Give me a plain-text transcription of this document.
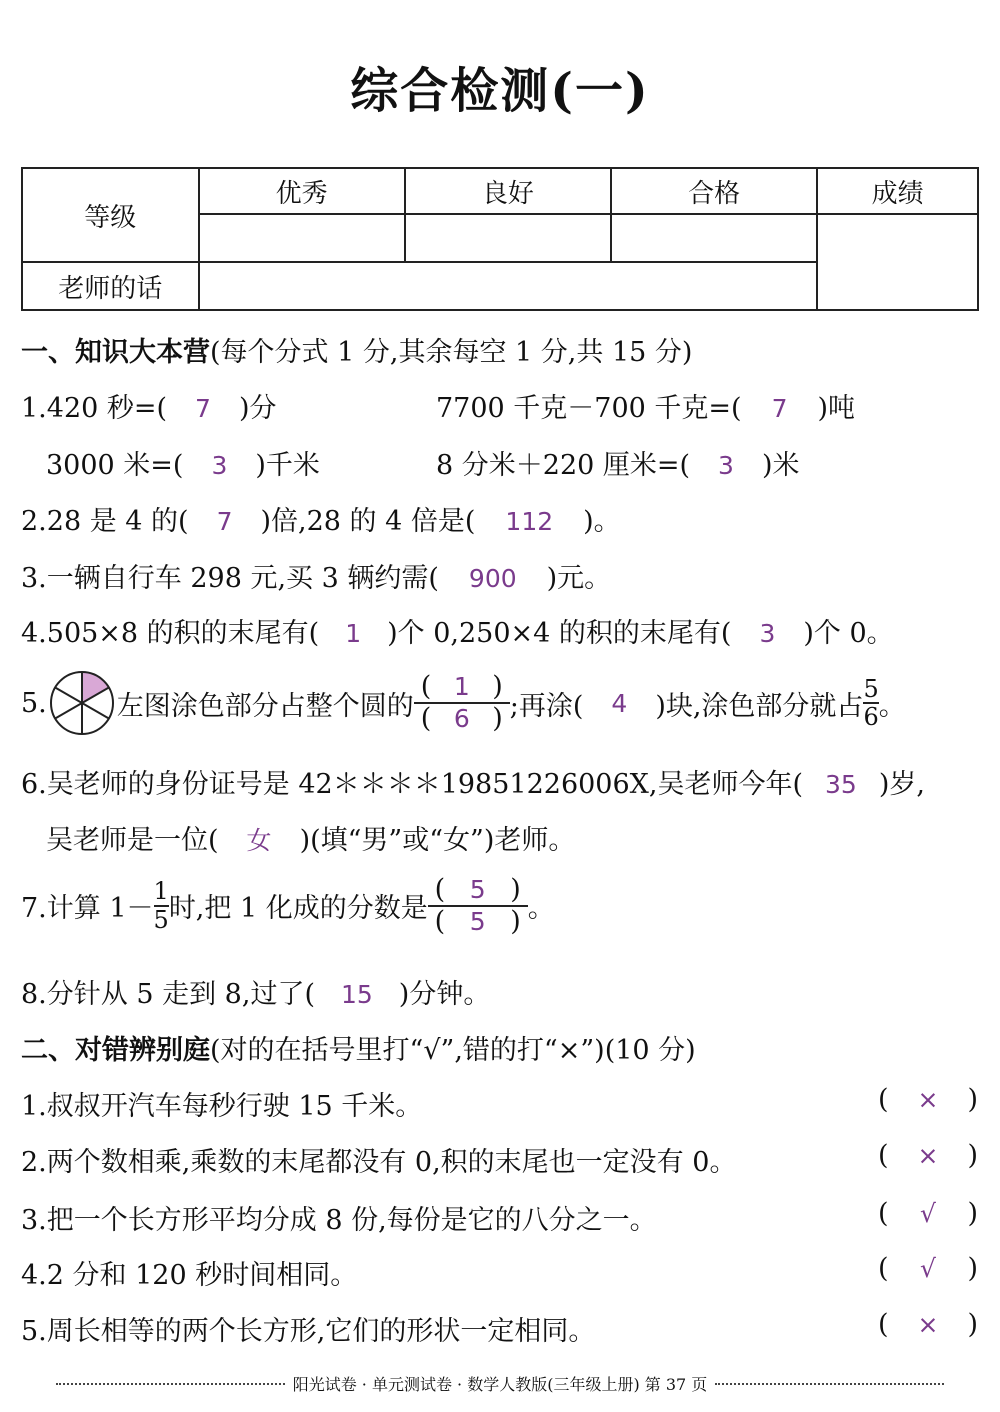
综合检测(一)
等级	优秀	良好	合格	成绩

老师的话				
一、知识大本营(每个分式 1 分,其余每空 1 分,共 15 分)
1.420 秒=( 7 )分	7700 千克－700 千克=( 7 )吨
3000 米=( 3 )千米	8 分米＋220 厘米=( 3 )米
2.28 是 4 的( 7 )倍,28 的 4 倍是( 112 )。
3.一辆自行车 298 元,买 3 辆约需( 900 )元。
4.505×8 的积的末尾有( 1 )个 0,250×4 的积的末尾有( 3 )个 0。
5.	左图涂色部分占整个圆的 $\frac{( 1 )}{( 6 )}$ ;再涂(	4	)块,涂色部分就占 $\frac{5}{6}$ 。
6.吴老师的身份证号是 42＊＊＊＊19851226006X,吴老师今年( 35 )岁,
吴老师是一位( 女 )(填“男”或“女”)老师。
7.计算 $1- \frac{1}{5}$ 时,把 1 化成的分数是 $\frac{( 5 )}{( 5 )}$ 。
8.分针从 5 走到 8,过了( 15 )分钟。
二、对错辨别庭(对的在括号里打“√”,错的打“×”)(10 分)
1.叔叔开汽车每秒行驶 15 千米。	( × )
2.两个数相乘,乘数的末尾都没有 0,积的末尾也一定没有 0。	( × )
3.把一个长方形平均分成 8 份,每份是它的八分之一。	( √ )
4.2 分和 120 秒时间相同。	( √ )
5.周长相等的两个长方形,它们的形状一定相同。	( × )
阳光试卷 · 单元测试卷 · 数学人教版(三年级上册) 第 37 页
